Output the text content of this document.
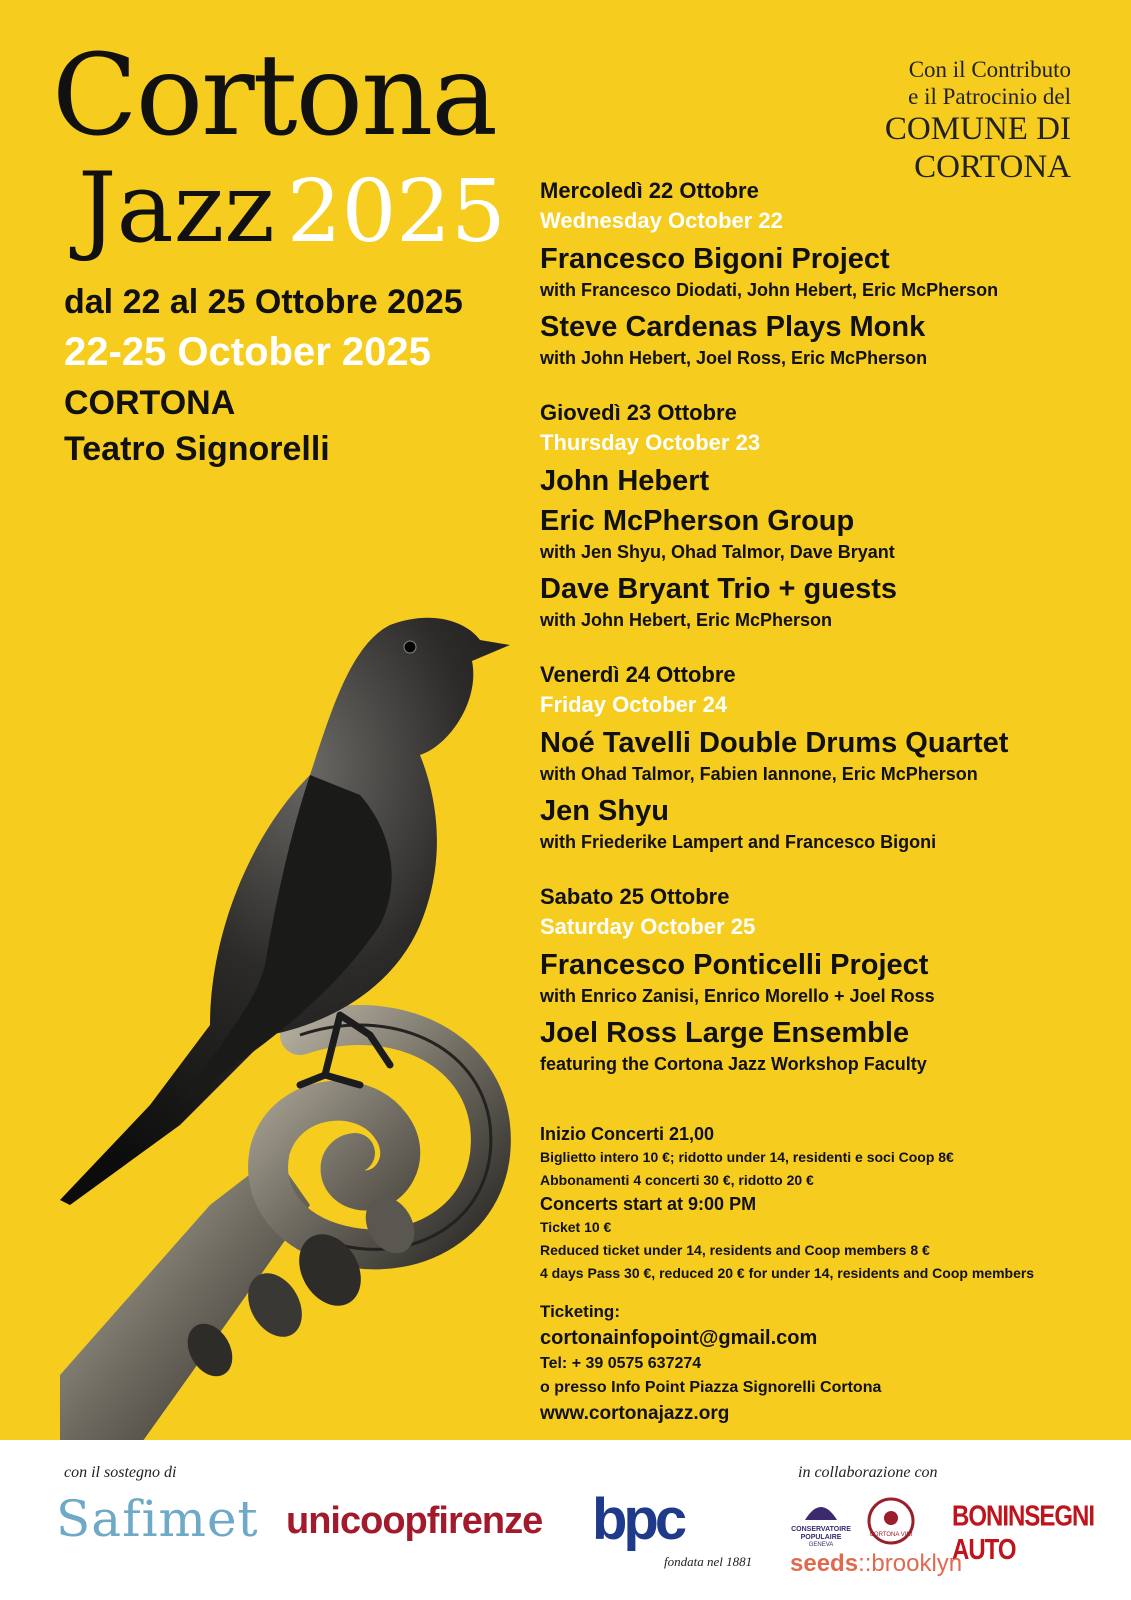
Cortona
Jazz 2025
Con il Contributo
e il Patrocinio del
COMUNE DI
CORTONA
dal 22 al 25 Ottobre 2025
22-25 October 2025
CORTONA
Teatro Signorelli
Mercoledì 22 Ottobre
Wednesday October 22
Francesco Bigoni Project
with Francesco Diodati, John Hebert, Eric McPherson
Steve Cardenas Plays Monk
with John Hebert, Joel Ross, Eric McPherson
Giovedì 23 Ottobre
Thursday October 23
John Hebert
Eric McPherson Group
with Jen Shyu, Ohad Talmor, Dave Bryant
Dave Bryant Trio + guests
with John Hebert, Eric McPherson
Venerdì 24 Ottobre
Friday October 24
Noé Tavelli Double Drums Quartet
with Ohad Talmor, Fabien Iannone, Eric McPherson
Jen Shyu
with Friederike Lampert and Francesco Bigoni
Sabato 25 Ottobre
Saturday October 25
Francesco Ponticelli Project
with Enrico Zanisi, Enrico Morello + Joel Ross
Joel Ross Large Ensemble
featuring the Cortona Jazz Workshop Faculty
Inizio Concerti 21,00
Biglietto intero 10 €; ridotto under 14, residenti e soci Coop 8€
Abbonamenti 4 concerti 30 €, ridotto 20 €
Concerts start at 9:00 PM
Ticket 10 €
Reduced ticket under 14, residents and Coop members 8 €
4 days Pass 30 €, reduced 20 € for under 14, residents and Coop members
Ticketing:
cortonainfopoint@gmail.com
Tel: + 39 0575 637274
o presso Info Point Piazza Signorelli Cortona
www.cortonajazz.org
con il sostegno di	in collaborazione con
Safimet unicoopfirenze bpc
fondata nel 1881
CONSERVATOIRE POPULAIRE
GENEVA
CORTONA VINI
BONINSEGNI AUTO
seeds::brooklyn
